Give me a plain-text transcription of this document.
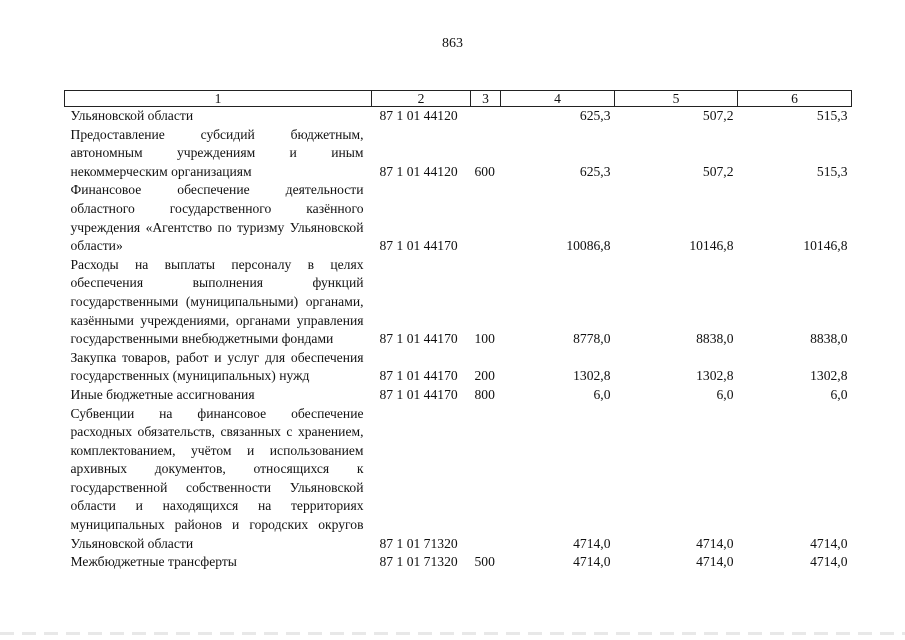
863
1	2	3	4	5	6
Ульяновской области	87 1 01 44120		625,3	507,2	515,3
Предоставление субсидий бюджетным, автономным учреждениям и иным некоммерческим организациям	87 1 01 44120	600	625,3	507,2	515,3
Финансовое обеспечение деятельности областного государственного казённого учреждения «Агентство по туризму Ульяновской области»	87 1 01 44170		10086,8	10146,8	10146,8
Расходы на выплаты персоналу в целях обеспечения выполнения функций государственными (муниципальными) органами, казёнными учреждениями, органами управления государственными внебюджетными фондами	87 1 01 44170	100	8778,0	8838,0	8838,0
Закупка товаров, работ и услуг для обеспечения государственных (муниципальных) нужд	87 1 01 44170	200	1302,8	1302,8	1302,8
Иные бюджетные ассигнования	87 1 01 44170	800	6,0	6,0	6,0
Субвенции на финансовое обеспечение расходных обязательств, связанных с хранением, комплектованием, учётом и использованием архивных документов, относящихся к государственной собственности Ульяновской области и находящихся на территориях муниципальных районов и городских округов Ульяновской области	87 1 01 71320		4714,0	4714,0	4714,0
Межбюджетные трансферты	87 1 01 71320	500	4714,0	4714,0	4714,0
